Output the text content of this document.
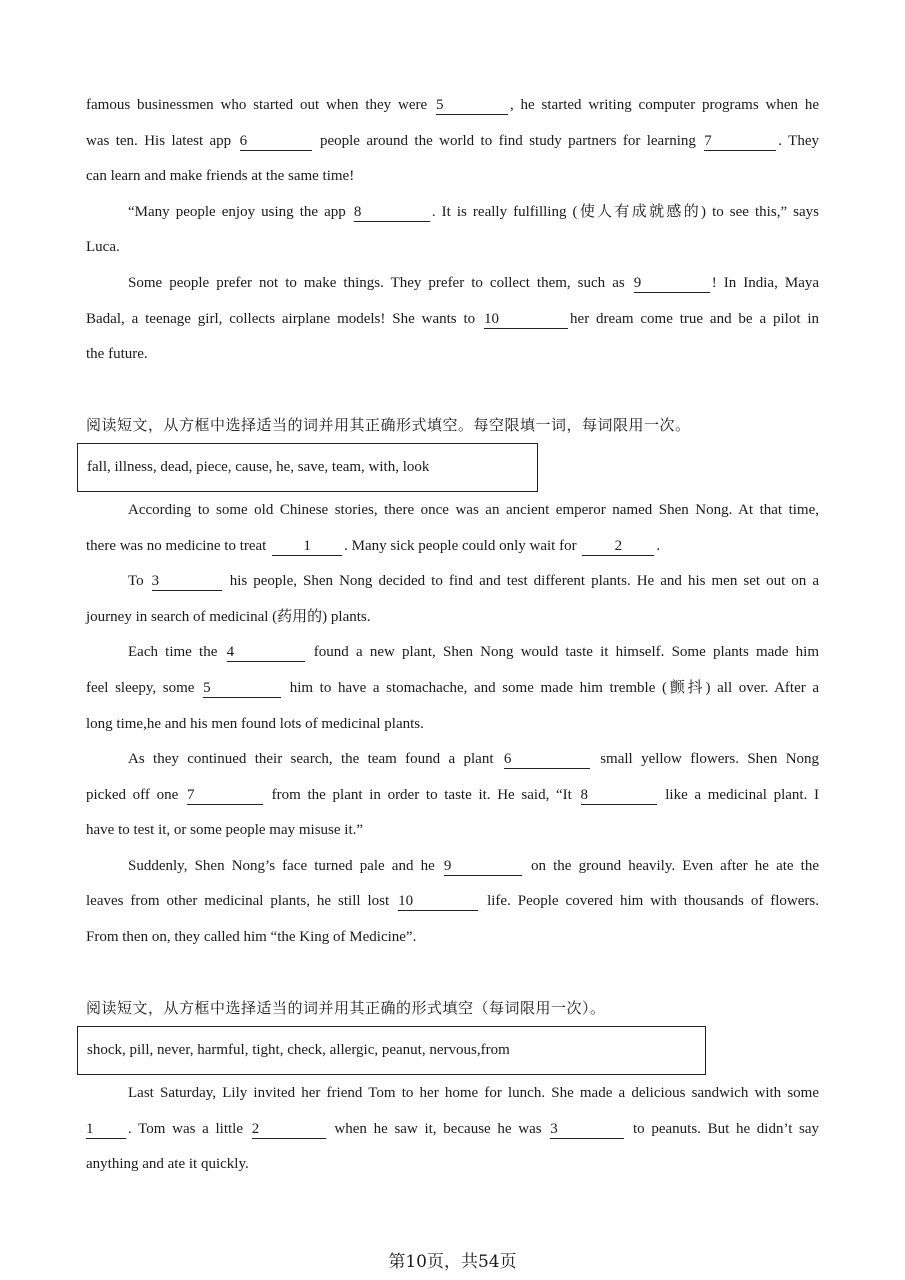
famous businessmen who started out when they were 5	, he started writing computer programs when he
was ten. His latest app 6	people around the world to find study partners for learning 7	. They
can learn and make friends at the same time!
“Many people enjoy using the app 8	. It is really fulfilling (使人有成就感的) to see this,” says
Luca.
Some people prefer not to make things. They prefer to collect them, such as 9	! In India, Maya
Badal, a teenage girl, collects airplane models! She wants to 10	her dream come true and be a pilot in
the future.
阅读短文，从方框中选择适当的词并用其正确形式填空。每空限填一词，每词限用一次。
fall, illness, dead, piece, cause, he, save, team, with, look
According to some old Chinese stories, there once was an ancient emperor named Shen Nong. At that time,
there was no medicine to treat 1 . Many sick people could only wait for	2 .
To 3	his people, Shen Nong decided to find and test different plants. He and his men set out on a
journey in search of medicinal (药用的) plants.
Each time the 4	found a new plant, Shen Nong would taste it himself. Some plants made him
feel sleepy, some 5	him to have a stomachache, and some made him tremble (颤抖) all over. After a
long time,he and his men found lots of medicinal plants.
As they continued their search, the team found a plant 6	small yellow flowers. Shen Nong
picked off one 7	from the plant in order to taste it. He said, “It 8	like a medicinal plant. I
have to test it, or some people may misuse it.”
Suddenly, Shen Nong’s face turned pale and he 9	on the ground heavily. Even after he ate the
leaves from other medicinal plants, he still lost 10	life. People covered him with thousands of flowers.
From then on, they called him “the King of Medicine”.
阅读短文，从方框中选择适当的词并用其正确的形式填空（每词限用一次）。
shock, pill, never, harmful, tight, check, allergic, peanut, nervous,from
Last Saturday, Lily invited her friend Tom to her home for lunch. She made a delicious sandwich with some
1 . Tom was a little 2	when he saw it, because he was 3	to peanuts. But he didn’t say
anything and ate it quickly.
第10页，共54页
